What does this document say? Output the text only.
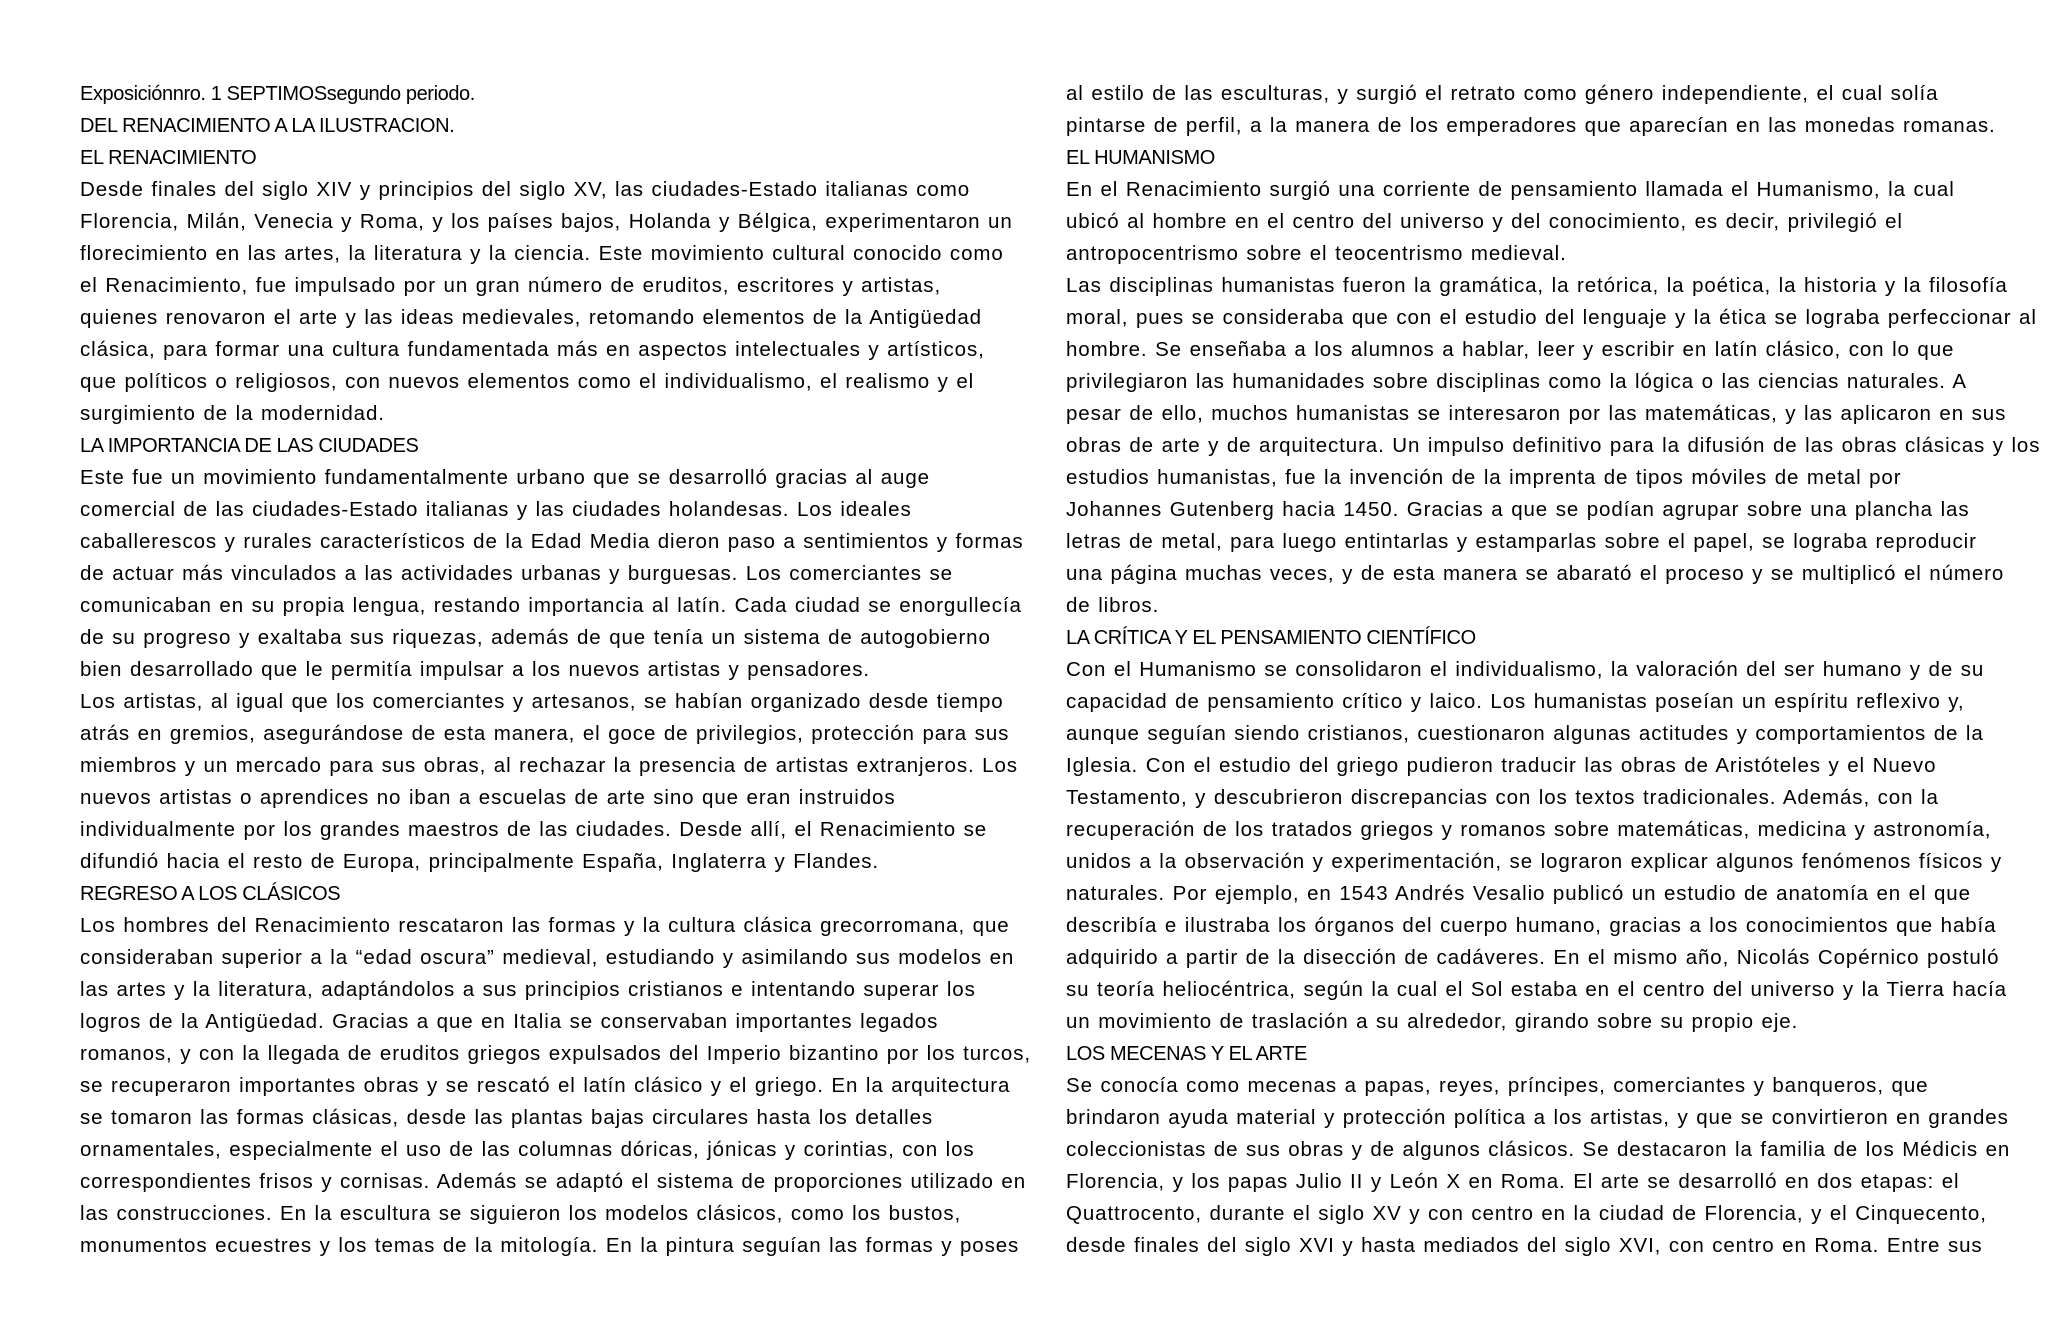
Exposiciónnro. 1 SEPTIMOSsegundo periodo.
DEL RENACIMIENTO A LA ILUSTRACION.
EL RENACIMIENTO
Desde finales del siglo XIV y principios del siglo XV, las ciudades-Estado italianas como
Florencia, Milán, Venecia y Roma, y los países bajos, Holanda y Bélgica, experimentaron un
florecimiento en las artes, la literatura y la ciencia. Este movimiento cultural conocido como
el Renacimiento, fue impulsado por un gran número de eruditos, escritores y artistas,
quienes renovaron el arte y las ideas medievales, retomando elementos de la Antigüedad
clásica, para formar una cultura fundamentada más en aspectos intelectuales y artísticos,
que políticos o religiosos, con nuevos elementos como el individualismo, el realismo y el
surgimiento de la modernidad.
LA IMPORTANCIA DE LAS CIUDADES
Este fue un movimiento fundamentalmente urbano que se desarrolló gracias al auge
comercial de las ciudades-Estado italianas y las ciudades holandesas. Los ideales
caballerescos y rurales característicos de la Edad Media dieron paso a sentimientos y formas
de actuar más vinculados a las actividades urbanas y burguesas. Los comerciantes se
comunicaban en su propia lengua, restando importancia al latín. Cada ciudad se enorgullecía
de su progreso y exaltaba sus riquezas, además de que tenía un sistema de autogobierno
bien desarrollado que le permitía impulsar a los nuevos artistas y pensadores.
Los artistas, al igual que los comerciantes y artesanos, se habían organizado desde tiempo
atrás en gremios, asegurándose de esta manera, el goce de privilegios, protección para sus
miembros y un mercado para sus obras, al rechazar la presencia de artistas extranjeros. Los
nuevos artistas o aprendices no iban a escuelas de arte sino que eran instruidos
individualmente por los grandes maestros de las ciudades. Desde allí, el Renacimiento se
difundió hacia el resto de Europa, principalmente España, Inglaterra y Flandes.
REGRESO A LOS CLÁSICOS
Los hombres del Renacimiento rescataron las formas y la cultura clásica grecorromana, que
consideraban superior a la “edad oscura” medieval, estudiando y asimilando sus modelos en
las artes y la literatura, adaptándolos a sus principios cristianos e intentando superar los
logros de la Antigüedad. Gracias a que en Italia se conservaban importantes legados
romanos, y con la llegada de eruditos griegos expulsados del Imperio bizantino por los turcos,
se recuperaron importantes obras y se rescató el latín clásico y el griego. En la arquitectura
se tomaron las formas clásicas, desde las plantas bajas circulares hasta los detalles
ornamentales, especialmente el uso de las columnas dóricas, jónicas y corintias, con los
correspondientes frisos y cornisas. Además se adaptó el sistema de proporciones utilizado en
las construcciones. En la escultura se siguieron los modelos clásicos, como los bustos,
monumentos ecuestres y los temas de la mitología. En la pintura seguían las formas y poses
al estilo de las esculturas, y surgió el retrato como género independiente, el cual solía
pintarse de perfil, a la manera de los emperadores que aparecían en las monedas romanas.
EL HUMANISMO
En el Renacimiento surgió una corriente de pensamiento llamada el Humanismo, la cual
ubicó al hombre en el centro del universo y del conocimiento, es decir, privilegió el
antropocentrismo sobre el teocentrismo medieval.
Las disciplinas humanistas fueron la gramática, la retórica, la poética, la historia y la filosofía
moral, pues se consideraba que con el estudio del lenguaje y la ética se lograba perfeccionar al
hombre. Se enseñaba a los alumnos a hablar, leer y escribir en latín clásico, con lo que
privilegiaron las humanidades sobre disciplinas como la lógica o las ciencias naturales. A
pesar de ello, muchos humanistas se interesaron por las matemáticas, y las aplicaron en sus
obras de arte y de arquitectura. Un impulso definitivo para la difusión de las obras clásicas y los
estudios humanistas, fue la invención de la imprenta de tipos móviles de metal por
Johannes Gutenberg hacia 1450. Gracias a que se podían agrupar sobre una plancha las
letras de metal, para luego entintarlas y estamparlas sobre el papel, se lograba reproducir
una página muchas veces, y de esta manera se abarató el proceso y se multiplicó el número
de libros.
LA CRÍTICA Y EL PENSAMIENTO CIENTÍFICO
Con el Humanismo se consolidaron el individualismo, la valoración del ser humano y de su
capacidad de pensamiento crítico y laico. Los humanistas poseían un espíritu reflexivo y,
aunque seguían siendo cristianos, cuestionaron algunas actitudes y comportamientos de la
Iglesia. Con el estudio del griego pudieron traducir las obras de Aristóteles y el Nuevo
Testamento, y descubrieron discrepancias con los textos tradicionales. Además, con la
recuperación de los tratados griegos y romanos sobre matemáticas, medicina y astronomía,
unidos a la observación y experimentación, se lograron explicar algunos fenómenos físicos y
naturales. Por ejemplo, en 1543 Andrés Vesalio publicó un estudio de anatomía en el que
describía e ilustraba los órganos del cuerpo humano, gracias a los conocimientos que había
adquirido a partir de la disección de cadáveres. En el mismo año, Nicolás Copérnico postuló
su teoría heliocéntrica, según la cual el Sol estaba en el centro del universo y la Tierra hacía
un movimiento de traslación a su alrededor, girando sobre su propio eje.
LOS MECENAS Y EL ARTE
Se conocía como mecenas a papas, reyes, príncipes, comerciantes y banqueros, que
brindaron ayuda material y protección política a los artistas, y que se convirtieron en grandes
coleccionistas de sus obras y de algunos clásicos. Se destacaron la familia de los Médicis en
Florencia, y los papas Julio II y León X en Roma. El arte se desarrolló en dos etapas: el
Quattrocento, durante el siglo XV y con centro en la ciudad de Florencia, y el Cinquecento,
desde finales del siglo XVI y hasta mediados del siglo XVI, con centro en Roma. Entre sus
